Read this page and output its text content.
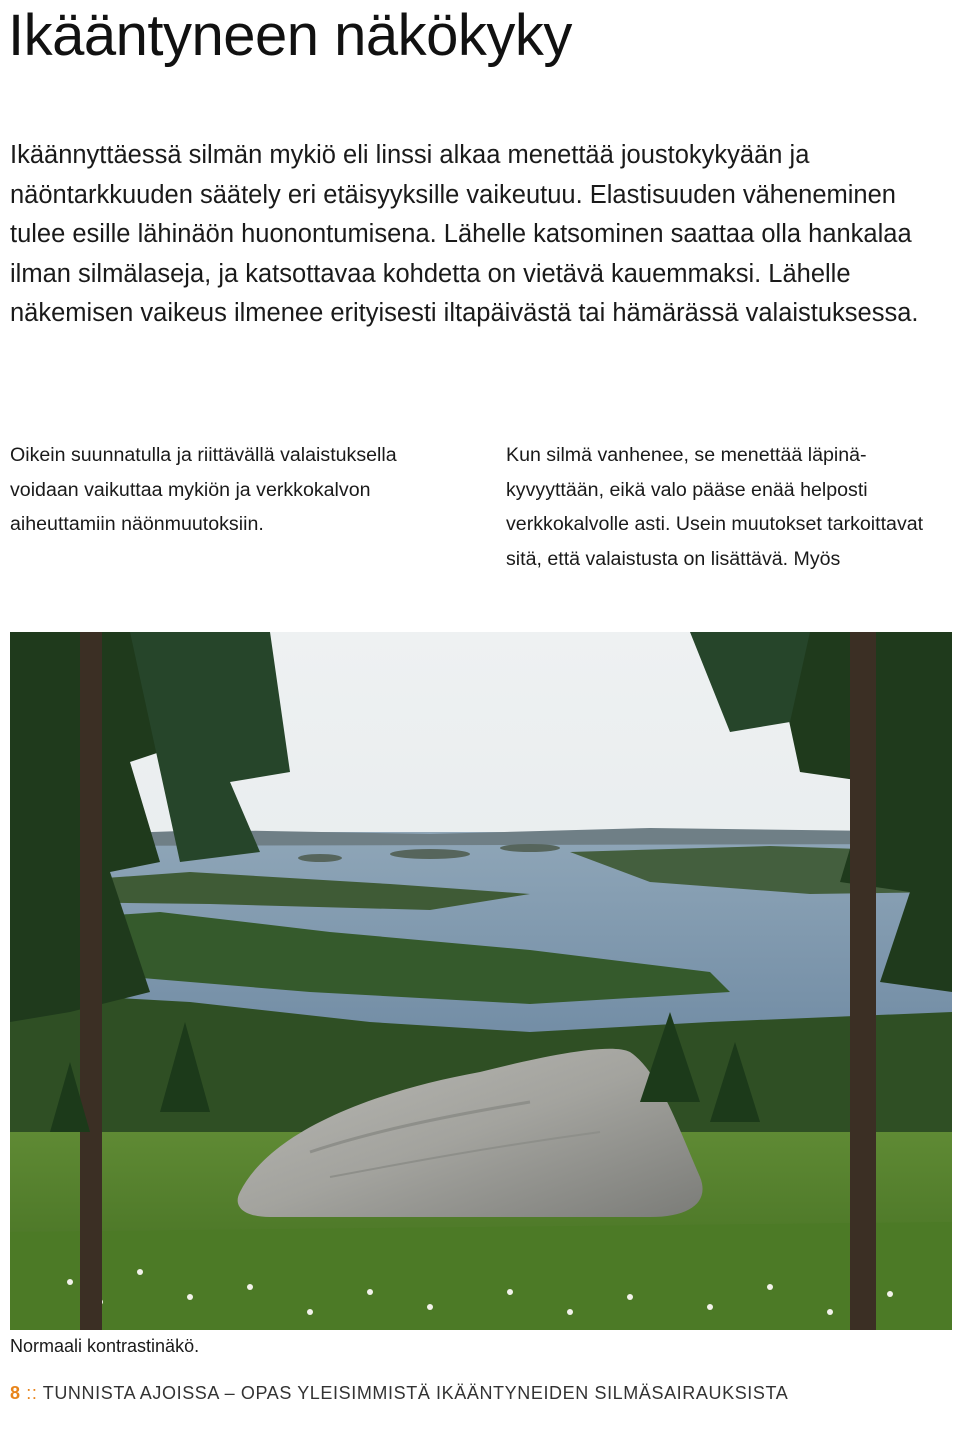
Ikääntyneen näkökyky

Ikäännyttäessä silmän mykiö eli linssi alkaa menettää joustokykyään ja näöntarkkuuden säätely eri etäisyyksille vaikeutuu. Elastisuuden väheneminen tulee esille lähinäön huonontumisena. Lähelle katsominen saattaa olla hankalaa ilman silmälaseja, ja katsottavaa kohdetta on vietävä kauemmaksi. Lähelle näkemisen vaikeus ilmenee erityisesti iltapäivästä tai hämärässä valaistuksessa.

Oikein suunnatulla ja riittävällä valaistuksella voidaan vaikuttaa mykiön ja verkkokalvon aiheuttamiin näönmuutoksiin.

Kun silmä vanhenee, se menettää läpinäkyvyyttään, eikä valo pääse enää helposti verkkokalvolle asti. Usein muutokset tarkoittavat sitä, että valaistusta on lisättävä. Myös

Normaali kontrastinäkö.

8 :: TUNNISTA AJOISSA – OPAS YLEISIMMISTÄ IKÄÄNTYNEIDEN SILMÄSAIRAUKSISTA
